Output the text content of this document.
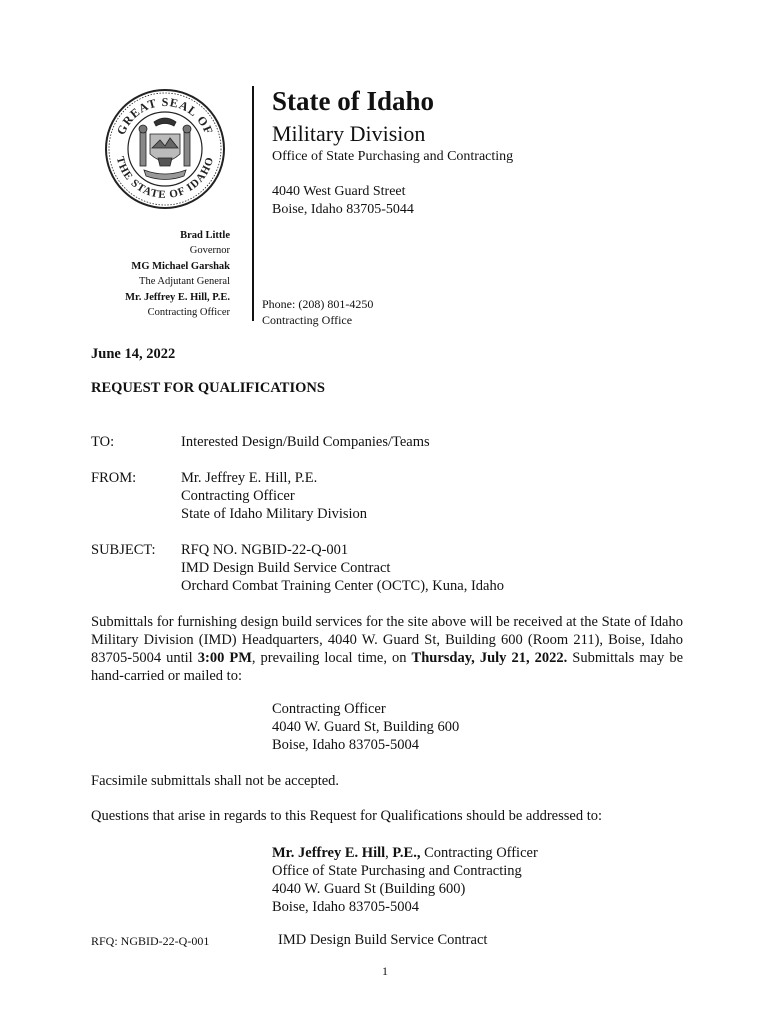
GREAT SEAL OF
THE STATE OF IDAHO
State of Idaho
Military Division
Office of State Purchasing and Contracting
4040 West Guard Street
Boise, Idaho 83705-5044
Brad Little
Governor
MG Michael Garshak
The Adjutant General
Mr. Jeffrey E. Hill, P.E.
Contracting Officer
Phone: (208) 801-4250
Contracting Office
June 14, 2022
REQUEST FOR QUALIFICATIONS
TO:	Interested Design/Build Companies/Teams
FROM:	Mr. Jeffrey E. Hill, P.E.
Contracting Officer
State of Idaho Military Division
SUBJECT: RFQ NO. NGBID-22-Q-001
IMD Design Build Service Contract
Orchard Combat Training Center (OCTC), Kuna, Idaho
Submittals for furnishing design build services for the site above will be received at the State of Idaho Military Division (IMD) Headquarters, 4040 W. Guard St, Building 600 (Room 211), Boise, Idaho 83705-5004 until 3:00 PM, prevailing local time, on Thursday, July 21, 2022. Submittals may be hand-carried or mailed to:
Contracting Officer
4040 W. Guard St, Building 600
Boise, Idaho 83705-5004
Facsimile submittals shall not be accepted.
Questions that arise in regards to this Request for Qualifications should be addressed to:
Mr. Jeffrey E. Hill, P.E., Contracting Officer
Office of State Purchasing and Contracting
4040 W. Guard St (Building 600)
Boise, Idaho 83705-5004
RFQ: NGBID-22-Q-001	IMD Design Build Service Contract
1
